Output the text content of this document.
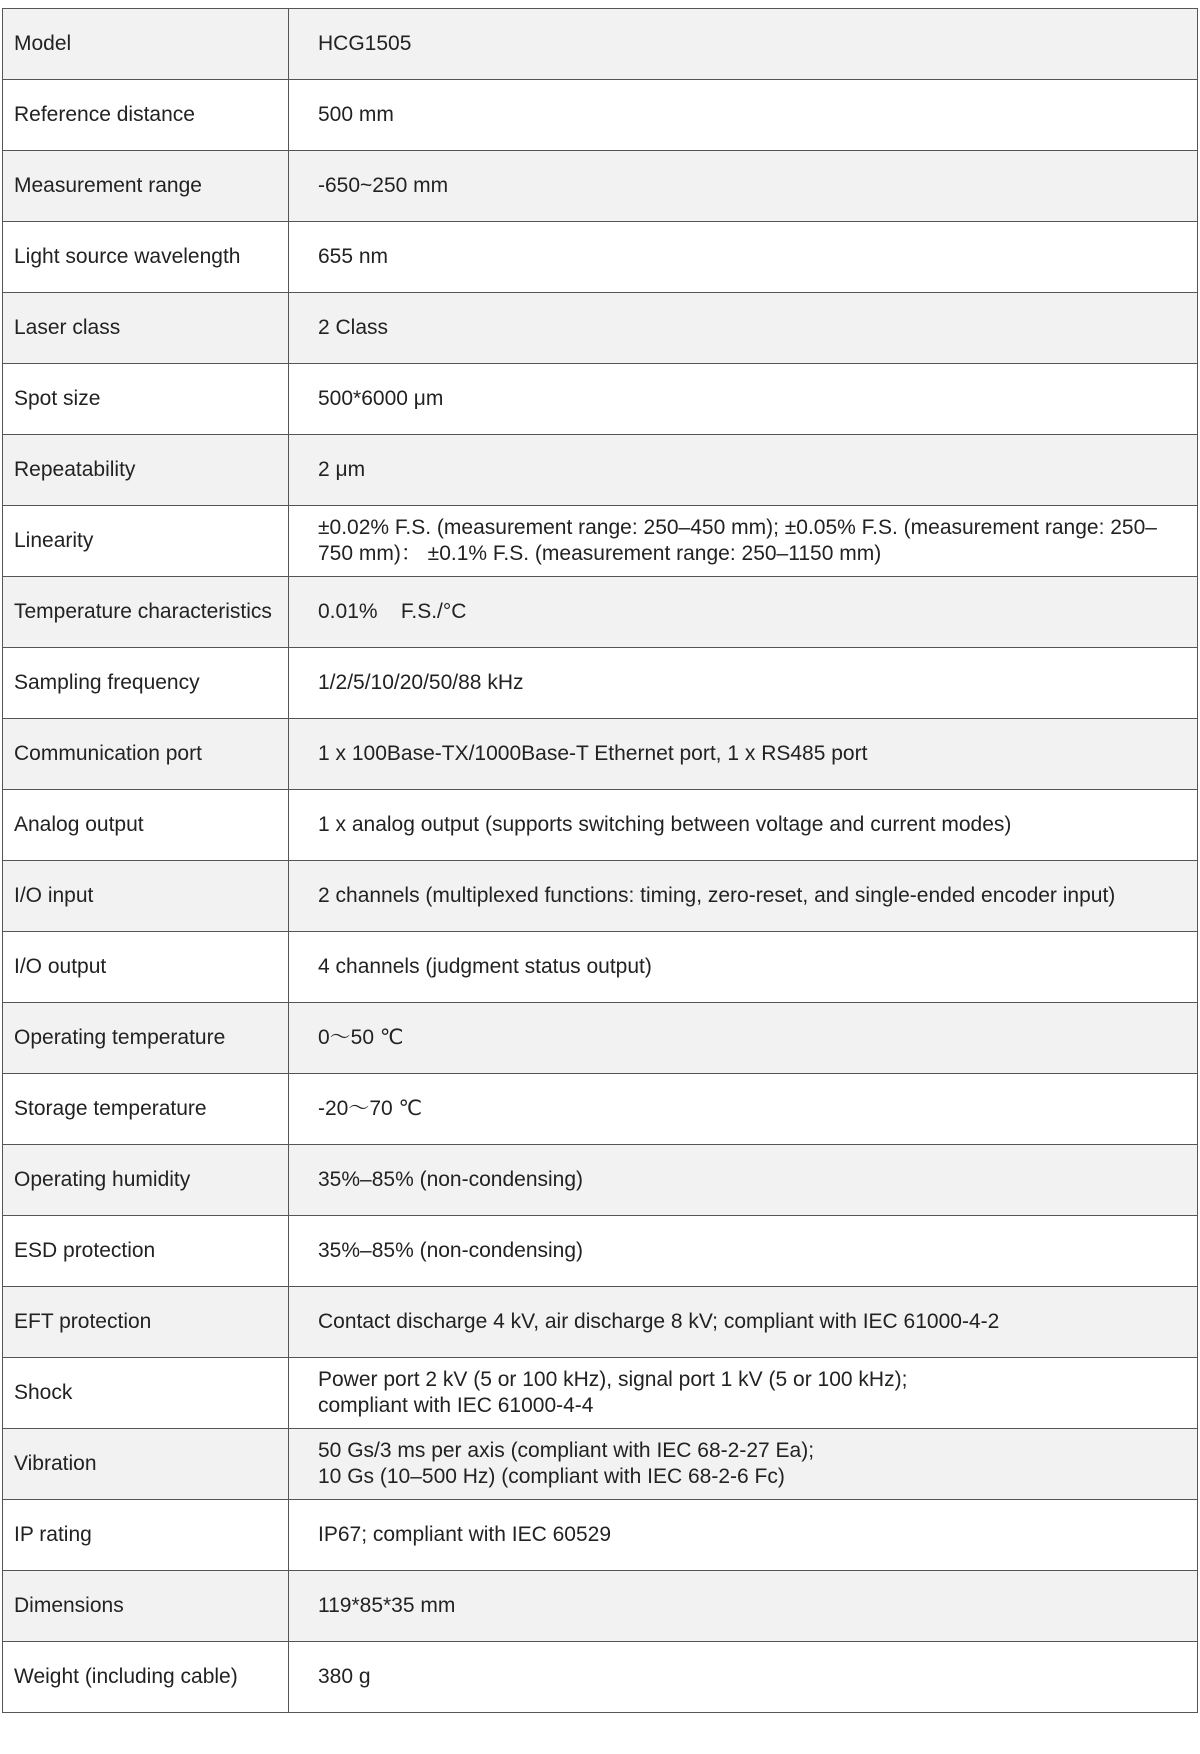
Model	HCG1505
Reference distance	500 mm
Measurement range	-650~250 mm
Light source wavelength	655 nm
Laser class	2 Class
Spot size	500*6000 μm
Repeatability	2 μm
Linearity	±0.02% F.S. (measurement range: 250–450 mm); ±0.05% F.S. (measurement range: 250–750 mm)： ±0.1% F.S. (measurement range: 250–1150 mm)
Temperature characteristics	0.01%    F.S./°C
Sampling frequency	1/2/5/10/20/50/88 kHz
Communication port	1 x 100Base-TX/1000Base-T Ethernet port, 1 x RS485 port
Analog output	1 x analog output (supports switching between voltage and current modes)
I/O input	2 channels (multiplexed functions: timing, zero-reset, and single-ended encoder input)
I/O output	4 channels (judgment status output)
Operating temperature	0～50 ℃
Storage temperature	-20～70 ℃
Operating humidity	35%–85% (non-condensing)
ESD protection	35%–85% (non-condensing)
EFT protection	Contact discharge 4 kV, air discharge 8 kV; compliant with IEC 61000-4-2
Shock	Power port 2 kV (5 or 100 kHz), signal port 1 kV (5 or 100 kHz);
compliant with IEC 61000-4-4
Vibration	50 Gs/3 ms per axis (compliant with IEC 68-2-27 Ea);
10 Gs (10–500 Hz) (compliant with IEC 68-2-6 Fc)
IP rating	IP67; compliant with IEC 60529
Dimensions	119*85*35 mm
Weight (including cable)	380 g
